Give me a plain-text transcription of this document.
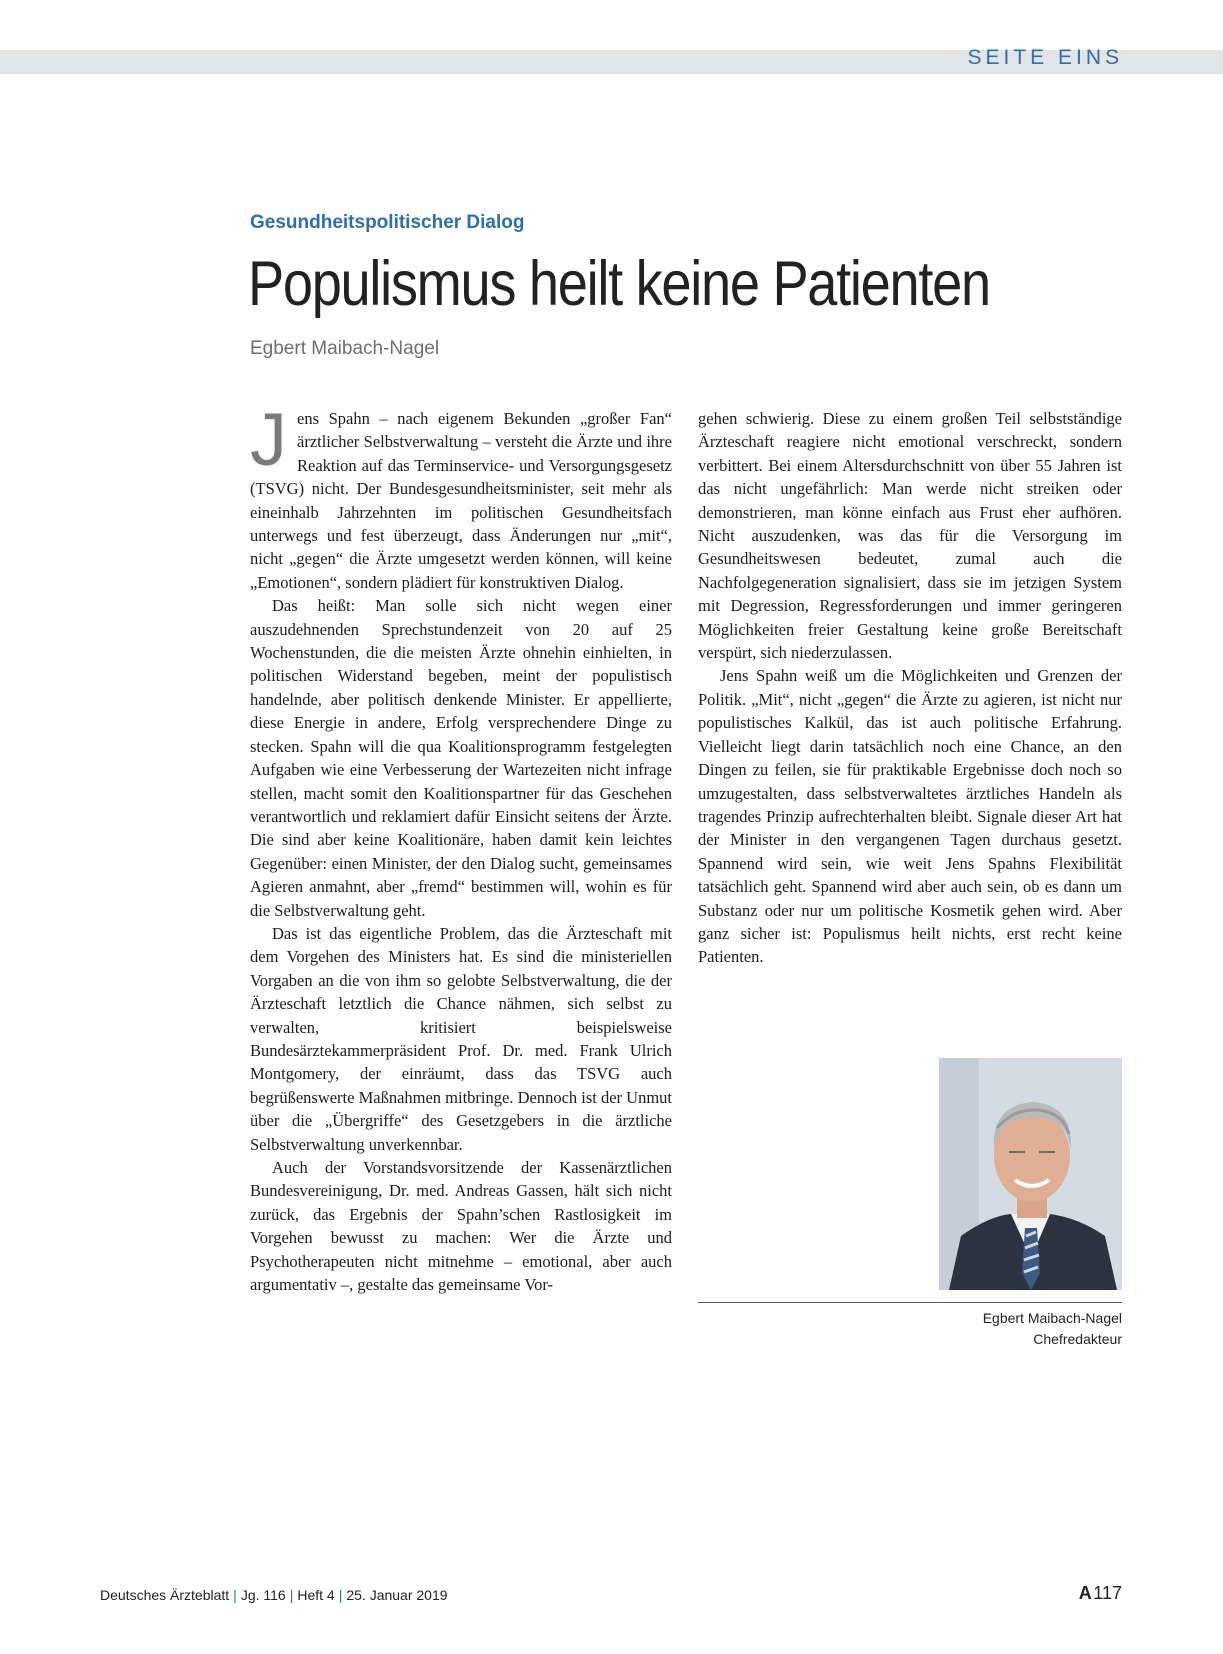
SEITE EINS
Gesundheitspolitischer Dialog
Populismus heilt keine Patienten
Egbert Maibach-Nagel

Jens Spahn – nach eigenem Bekunden „großer Fan“ ärztlicher Selbstverwaltung – versteht die Ärzte und ihre Reaktion auf das Terminservice- und Versorgungsgesetz (TSVG) nicht. Der Bundesgesundheitsminister, seit mehr als eineinhalb Jahrzehnten im politischen Gesundheitsfach unterwegs und fest überzeugt, dass Änderungen nur „mit“, nicht „gegen“ die Ärzte umgesetzt werden können, will keine „Emotionen“, sondern plädiert für konstruktiven Dialog.

Das heißt: Man solle sich nicht wegen einer auszudehnenden Sprechstundenzeit von 20 auf 25 Wochenstunden, die die meisten Ärzte ohnehin einhielten, in politischen Widerstand begeben, meint der populistisch handelnde, aber politisch denkende Minister. Er appellierte, diese Energie in andere, Erfolg versprechendere Dinge zu stecken. Spahn will die qua Koalitionsprogramm festgelegten Aufgaben wie eine Verbesserung der Wartezeiten nicht infrage stellen, macht somit den Koalitionspartner für das Geschehen verantwortlich und reklamiert dafür Einsicht seitens der Ärzte. Die sind aber keine Koalitionäre, haben damit kein leichtes Gegenüber: einen Minister, der den Dialog sucht, gemeinsames Agieren anmahnt, aber „fremd“ bestimmen will, wohin es für die Selbstverwaltung geht.

Das ist das eigentliche Problem, das die Ärzteschaft mit dem Vorgehen des Ministers hat. Es sind die ministeriellen Vorgaben an die von ihm so gelobte Selbstverwaltung, die der Ärzteschaft letztlich die Chance nähmen, sich selbst zu verwalten, kritisiert beispielsweise Bundesärztekammerpräsident Prof. Dr. med. Frank Ulrich Montgomery, der einräumt, dass das TSVG auch begrüßenswerte Maßnahmen mitbringe. Dennoch ist der Unmut über die „Übergriffe“ des Gesetzgebers in die ärztliche Selbstverwaltung unverkennbar.

Auch der Vorstandsvorsitzende der Kassenärztlichen Bundesvereinigung, Dr. med. Andreas Gassen, hält sich nicht zurück, das Ergebnis der Spahn’schen Rastlosigkeit im Vorgehen bewusst zu machen: Wer die Ärzte und Psychotherapeuten nicht mitnehme – emotional, aber auch argumentativ –, gestalte das gemeinsame Vor-

gehen schwierig. Diese zu einem großen Teil selbstständige Ärzteschaft reagiere nicht emotional verschreckt, sondern verbittert. Bei einem Altersdurchschnitt von über 55 Jahren ist das nicht ungefährlich: Man werde nicht streiken oder demonstrieren, man könne einfach aus Frust eher aufhören. Nicht auszudenken, was das für die Versorgung im Gesundheitswesen bedeutet, zumal auch die Nachfolgegeneration signalisiert, dass sie im jetzigen System mit Degression, Regressforderungen und immer geringeren Möglichkeiten freier Gestaltung keine große Bereitschaft verspürt, sich niederzulassen.

Jens Spahn weiß um die Möglichkeiten und Grenzen der Politik. „Mit“, nicht „gegen“ die Ärzte zu agieren, ist nicht nur populistisches Kalkül, das ist auch politische Erfahrung. Vielleicht liegt darin tatsächlich noch eine Chance, an den Dingen zu feilen, sie für praktikable Ergebnisse doch noch so umzugestalten, dass selbstverwaltetes ärztliches Handeln als tragendes Prinzip aufrechterhalten bleibt. Signale dieser Art hat der Minister in den vergangenen Tagen durchaus gesetzt. Spannend wird sein, wie weit Jens Spahns Flexibilität tatsächlich geht. Spannend wird aber auch sein, ob es dann um Substanz oder nur um politische Kosmetik gehen wird. Aber ganz sicher ist: Populismus heilt nichts, erst recht keine Patienten.

Egbert Maibach-Nagel
Chefredakteur
Deutsches Ärzteblatt | Jg. 116 | Heft 4 | 25. Januar 2019	A 117
